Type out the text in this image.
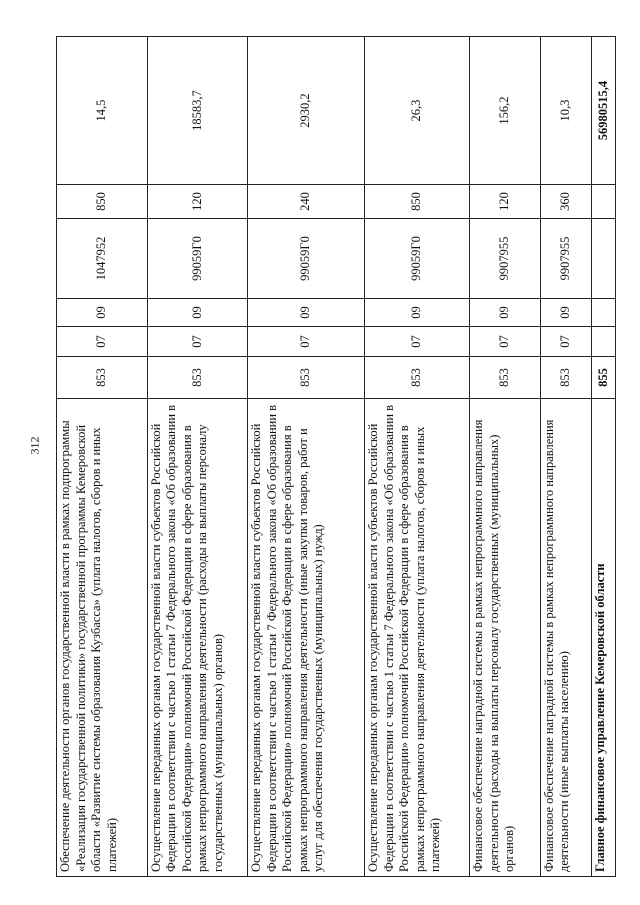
312 Обеспечение деятельности органов государственной власти в рамках подпрограммы «Реализация государственной политики» государственной программы Кемеровской области «Развитие системы образования Кузбасса» (уплата налогов, сборов и иных платежей)	853	07	09	1047952	850	14,5
Осуществление переданных органам государственной власти субъектов Российской Федерации в соответствии с частью 1 статьи 7 Федерального закона «Об образовании в Российской Федерации» полномочий Российской Федерации в сфере образования в рамках непрограммного направления деятельности (расходы на выплаты персоналу государственных (муниципальных) органов)	853	07	09	99059Г0	120	18583,7
Осуществление переданных органам государственной власти субъектов Российской Федерации в соответствии с частью 1 статьи 7 Федерального закона «Об образовании в Российской Федерации» полномочий Российской Федерации в сфере образования в рамках непрограммного направления деятельности (иные закупки товаров, работ и услуг для обеспечения государственных (муниципальных) нужд)	853	07	09	99059Г0	240	2930,2
Осуществление переданных органам государственной власти субъектов Российской Федерации в соответствии с частью 1 статьи 7 Федерального закона «Об образовании в Российской Федерации» полномочий Российской Федерации в сфере образования в рамках непрограммного направления деятельности (уплата налогов, сборов и иных платежей)	853	07	09	99059Г0	850	26,3
Финансовое обеспечение наградной системы в рамках непрограммного направления деятельности (расходы на выплаты персоналу государственных (муниципальных) органов)	853	07	09	9907955	120	156,2
Финансовое обеспечение наградной системы в рамках непрограммного направления деятельности (иные выплаты населению)	853	07	09	9907955	360	10,3
Главное финансовое управление Кемеровской области	855					56980515,4
